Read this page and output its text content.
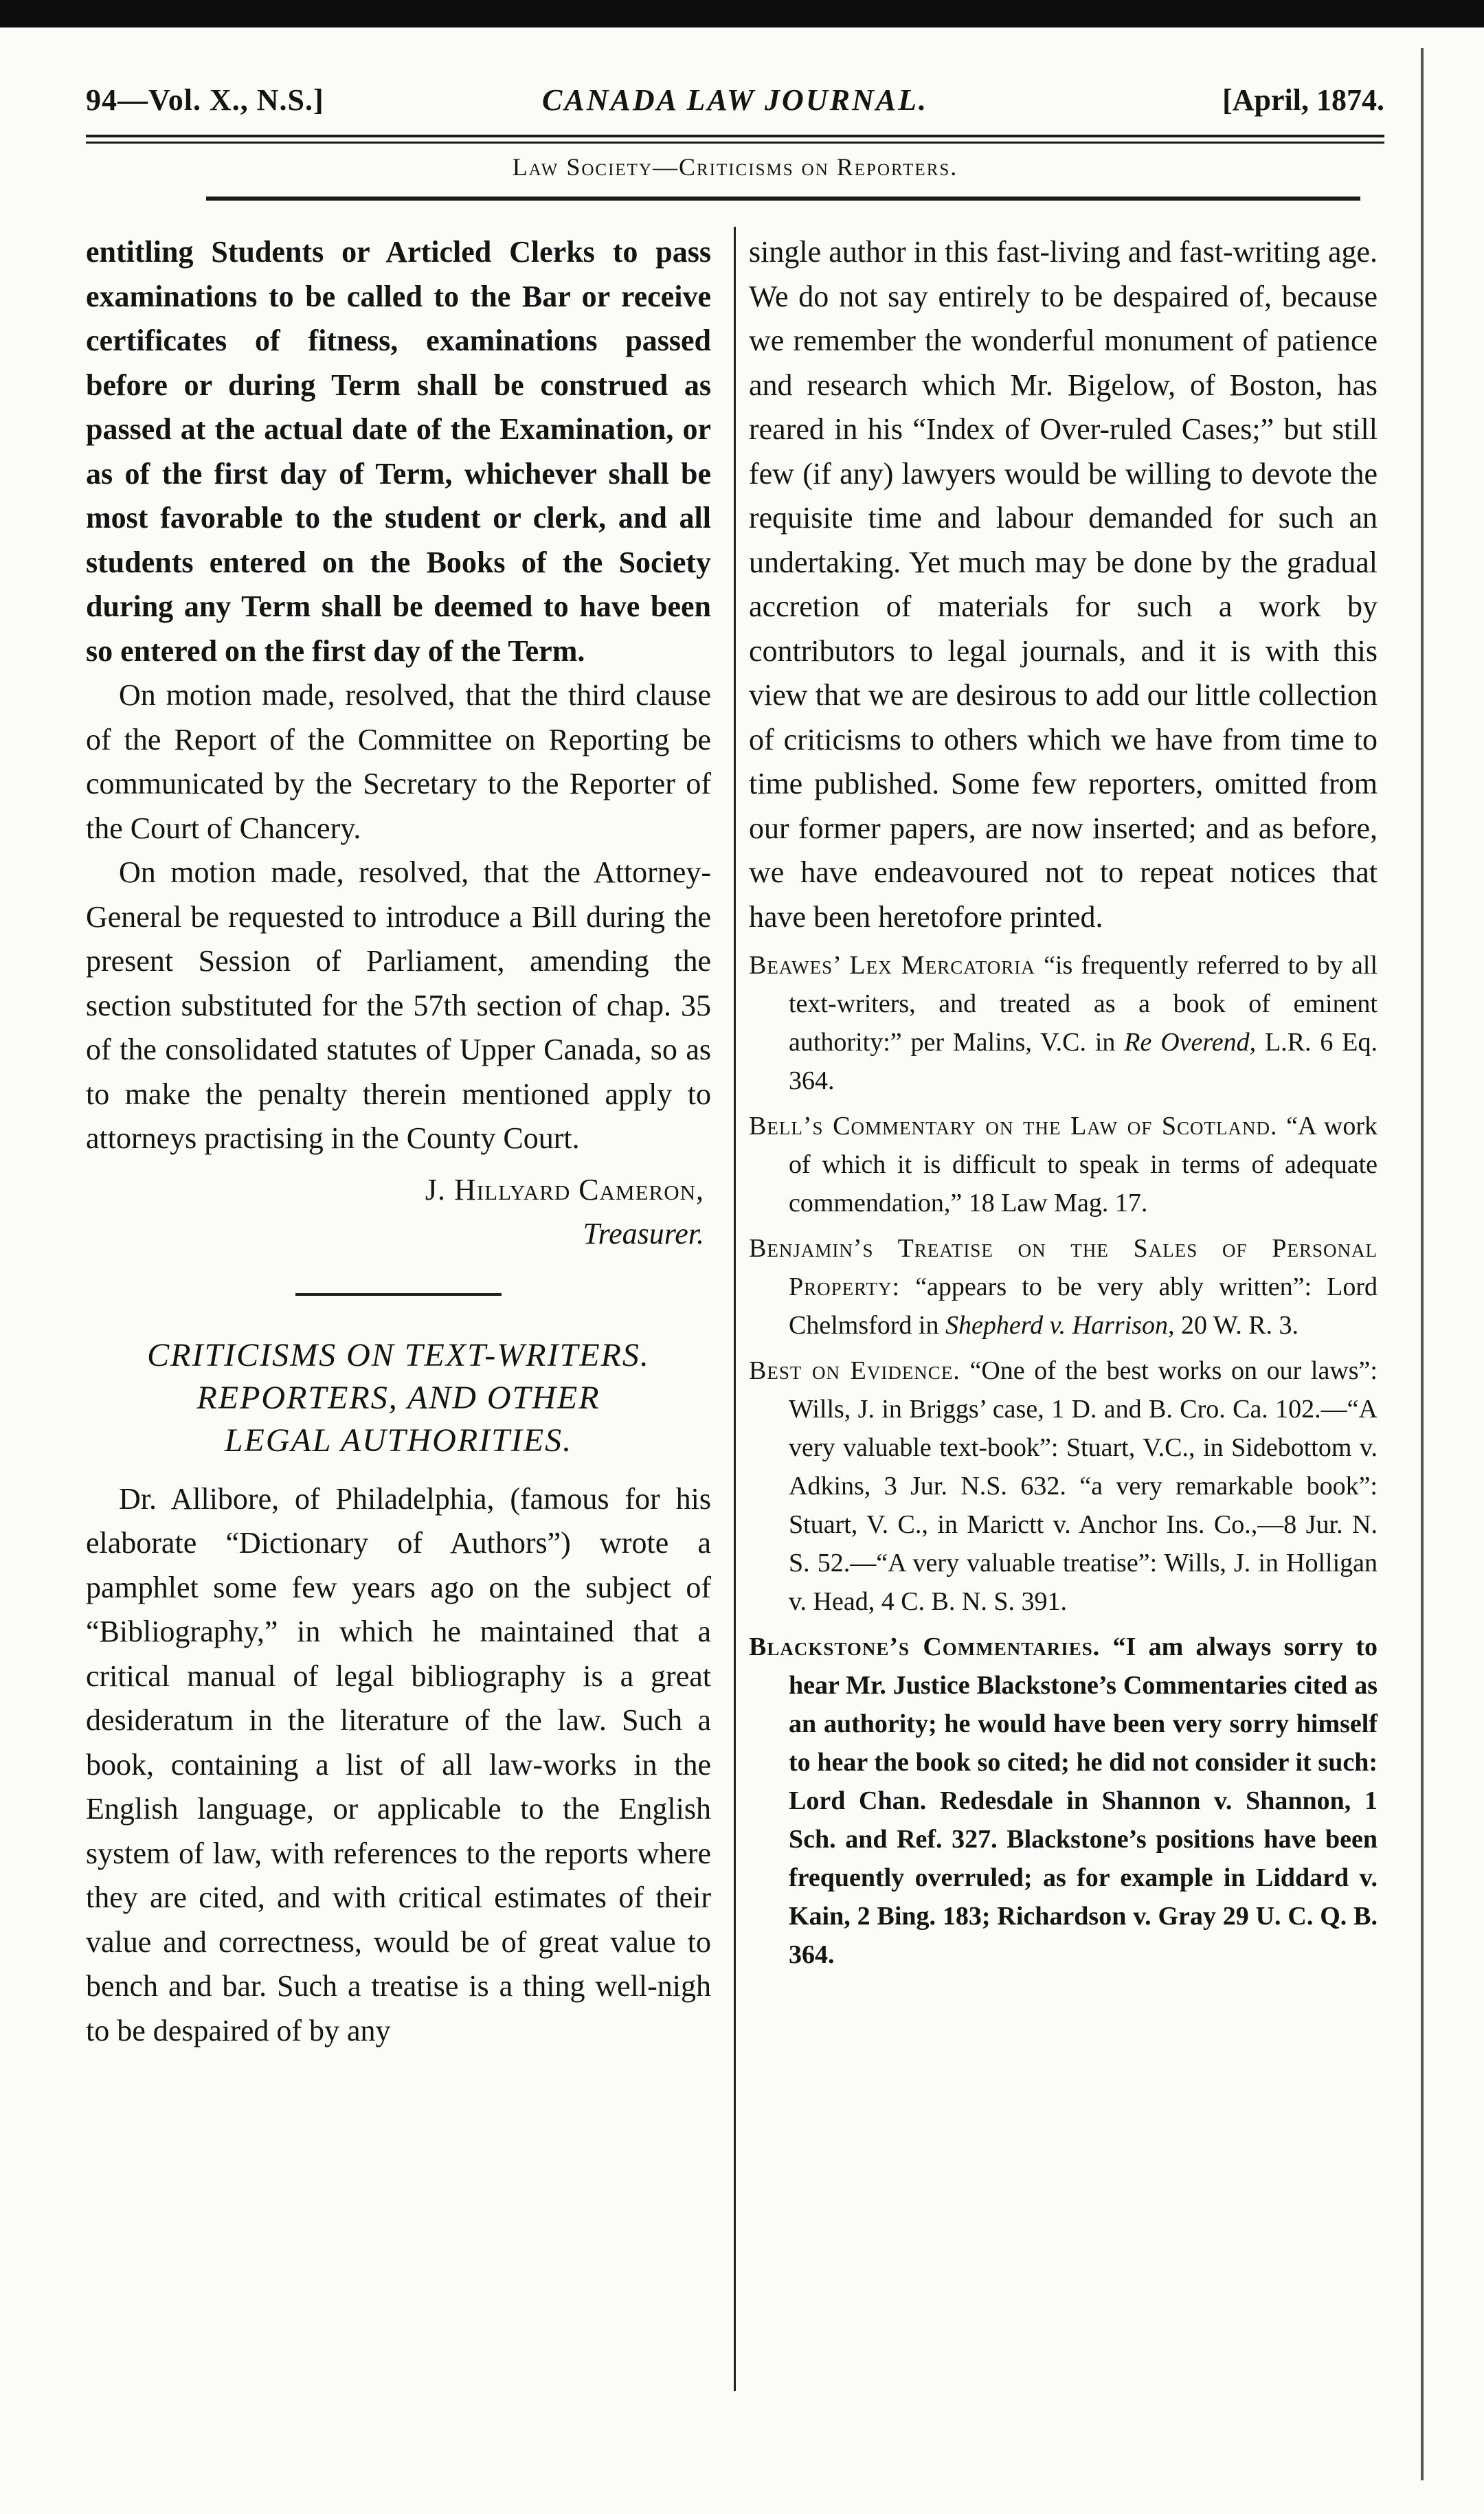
94—Vol. X., N.S.]	CANADA LAW JOURNAL.	[April, 1874.
Law Society—Criticisms on Reporters.

entitling Students or Articled Clerks to pass examinations to be called to the Bar or receive certificates of fitness, examinations passed before or during Term shall be construed as passed at the actual date of the Examination, or as of the first day of Term, whichever shall be most favorable to the student or clerk, and all students entered on the Books of the Society during any Term shall be deemed to have been so entered on the first day of the Term.

On motion made, resolved, that the third clause of the Report of the Committee on Reporting be communicated by the Secretary to the Reporter of the Court of Chancery.

On motion made, resolved, that the Attorney-General be requested to introduce a Bill during the present Session of Parliament, amending the section substituted for the 57th section of chap. 35 of the consolidated statutes of Upper Canada, so as to make the penalty therein mentioned apply to attorneys practising in the County Court.

J. Hillyard Cameron,
Treasurer.
CRITICISMS ON TEXT-WRITERS.
REPORTERS, AND OTHER
LEGAL AUTHORITIES.

Dr. Allibore, of Philadelphia, (famous for his elaborate “Dictionary of Authors”) wrote a pamphlet some few years ago on the subject of “Bibliography,” in which he maintained that a critical manual of legal bibliography is a great desideratum in the literature of the law. Such a book, containing a list of all law-works in the English language, or applicable to the English system of law, with references to the reports where they are cited, and with critical estimates of their value and correctness, would be of great value to bench and bar. Such a treatise is a thing well-nigh to be despaired of by any

single author in this fast-living and fast-writing age. We do not say entirely to be despaired of, because we remember the wonderful monument of patience and research which Mr. Bigelow, of Boston, has reared in his “Index of Over-ruled Cases;” but still few (if any) lawyers would be willing to devote the requisite time and labour demanded for such an undertaking. Yet much may be done by the gradual accretion of materials for such a work by contributors to legal journals, and it is with this view that we are desirous to add our little collection of criticisms to others which we have from time to time published. Some few reporters, omitted from our former papers, are now inserted; and as before, we have endeavoured not to repeat notices that have been heretofore printed.

Beawes’ Lex Mercatoria “is frequently referred to by all text-writers, and treated as a book of eminent authority:” per Malins, V.C. in Re Overend, L.R. 6 Eq. 364.

Bell’s Commentary on the Law of Scotland. “A work of which it is difficult to speak in terms of adequate commendation,” 18 Law Mag. 17.

Benjamin’s Treatise on the Sales of Personal Property: “appears to be very ably written”: Lord Chelmsford in Shepherd v. Harrison, 20 W. R. 3.

Best on Evidence. “One of the best works on our laws”: Wills, J. in Briggs’ case, 1 D. and B. Cro. Ca. 102.—“A very valuable text-book”: Stuart, V.C., in Sidebottom v. Adkins, 3 Jur. N.S. 632. “a very remarkable book”: Stuart, V. C., in Marictt v. Anchor Ins. Co.,—8 Jur. N. S. 52.—“A very valuable treatise”: Wills, J. in Holligan v. Head, 4 C. B. N. S. 391.

Blackstone’s Commentaries. “I am always sorry to hear Mr. Justice Blackstone’s Commentaries cited as an authority; he would have been very sorry himself to hear the book so cited; he did not consider it such: Lord Chan. Redesdale in Shannon v. Shannon, 1 Sch. and Ref. 327. Blackstone’s positions have been frequently overruled; as for example in Liddard v. Kain, 2 Bing. 183; Richardson v. Gray 29 U. C. Q. B. 364.
